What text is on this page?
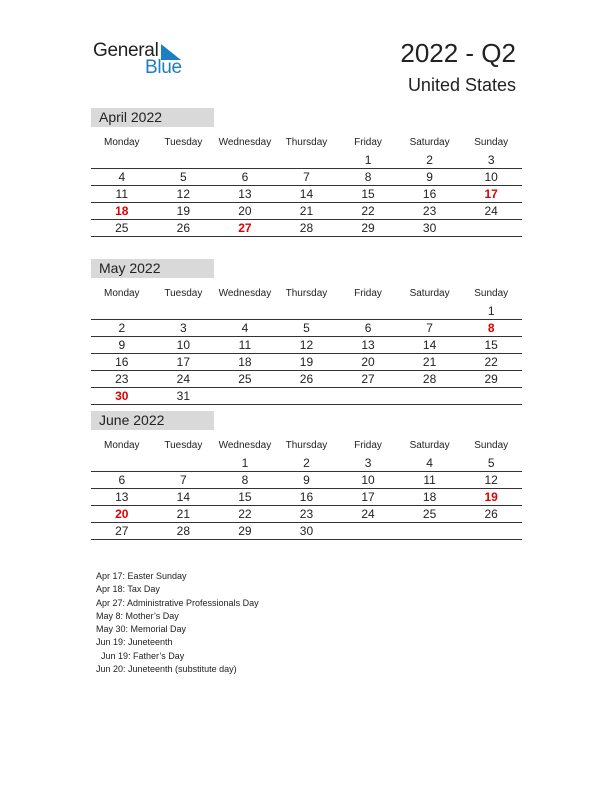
General
Blue	2022 - Q2
United States
April 2022
Monday	Tuesday	Wednesday	Thursday	Friday	Saturday	Sunday
				1	2	3
4	5	6	7	8	9	10
11	12	13	14	15	16	17
18	19	20	21	22	23	24
25	26	27	28	29	30	
May 2022
Monday	Tuesday	Wednesday	Thursday	Friday	Saturday	Sunday
						1
2	3	4	5	6	7	8
9	10	11	12	13	14	15
16	17	18	19	20	21	22
23	24	25	26	27	28	29
30	31					
June 2022
Monday	Tuesday	Wednesday	Thursday	Friday	Saturday	Sunday
		1	2	3	4	5
6	7	8	9	10	11	12
13	14	15	16	17	18	19
20	21	22	23	24	25	26
27	28	29	30			
Apr 17: Easter Sunday
Apr 18: Tax Day
Apr 27: Administrative Professionals Day
May 8: Mother’s Day
May 30: Memorial Day
Jun 19: Juneteenth
Jun 19: Father’s Day
Jun 20: Juneteenth (substitute day)
